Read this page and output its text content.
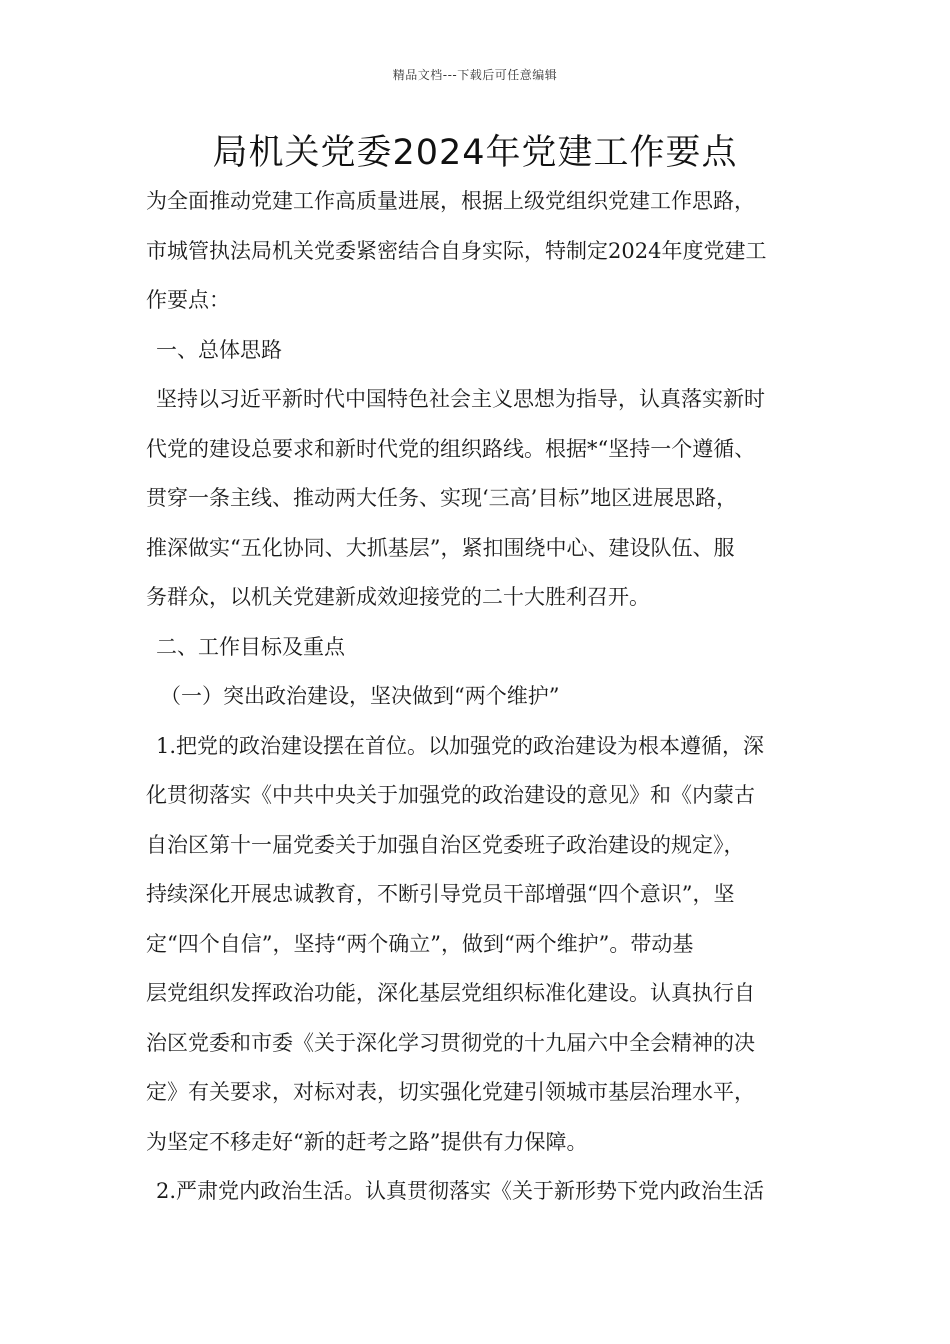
精品文档---下载后可任意编辑
局机关党委2024年党建工作要点
为全面推动党建工作高质量进展，根据上级党组织党建工作思路，
市城管执法局机关党委紧密结合自身实际，特制定2024年度党建工
作要点：
一、总体思路
坚持以习近平新时代中国特色社会主义思想为指导，认真落实新时
代党的建设总要求和新时代党的组织路线。根据*“坚持一个遵循、
贯穿一条主线、推动两大任务、实现‘三高’目标”地区进展思路，
推深做实“五化协同、大抓基层”，紧扣围绕中心、建设队伍、服
务群众，以机关党建新成效迎接党的二十大胜利召开。
二、工作目标及重点
（一）突出政治建设，坚决做到“两个维护”
1.把党的政治建设摆在首位。以加强党的政治建设为根本遵循，深
化贯彻落实《中共中央关于加强党的政治建设的意见》和《内蒙古
自治区第十一届党委关于加强自治区党委班子政治建设的规定》，
持续深化开展忠诚教育，不断引导党员干部增强“四个意识”，坚
定“四个自信”，坚持“两个确立”，做到“两个维护”。带动基
层党组织发挥政治功能，深化基层党组织标准化建设。认真执行自
治区党委和市委《关于深化学习贯彻党的十九届六中全会精神的决
定》有关要求，对标对表，切实强化党建引领城市基层治理水平，
为坚定不移走好“新的赶考之路”提供有力保障。
2.严肃党内政治生活。认真贯彻落实《关于新形势下党内政治生活
